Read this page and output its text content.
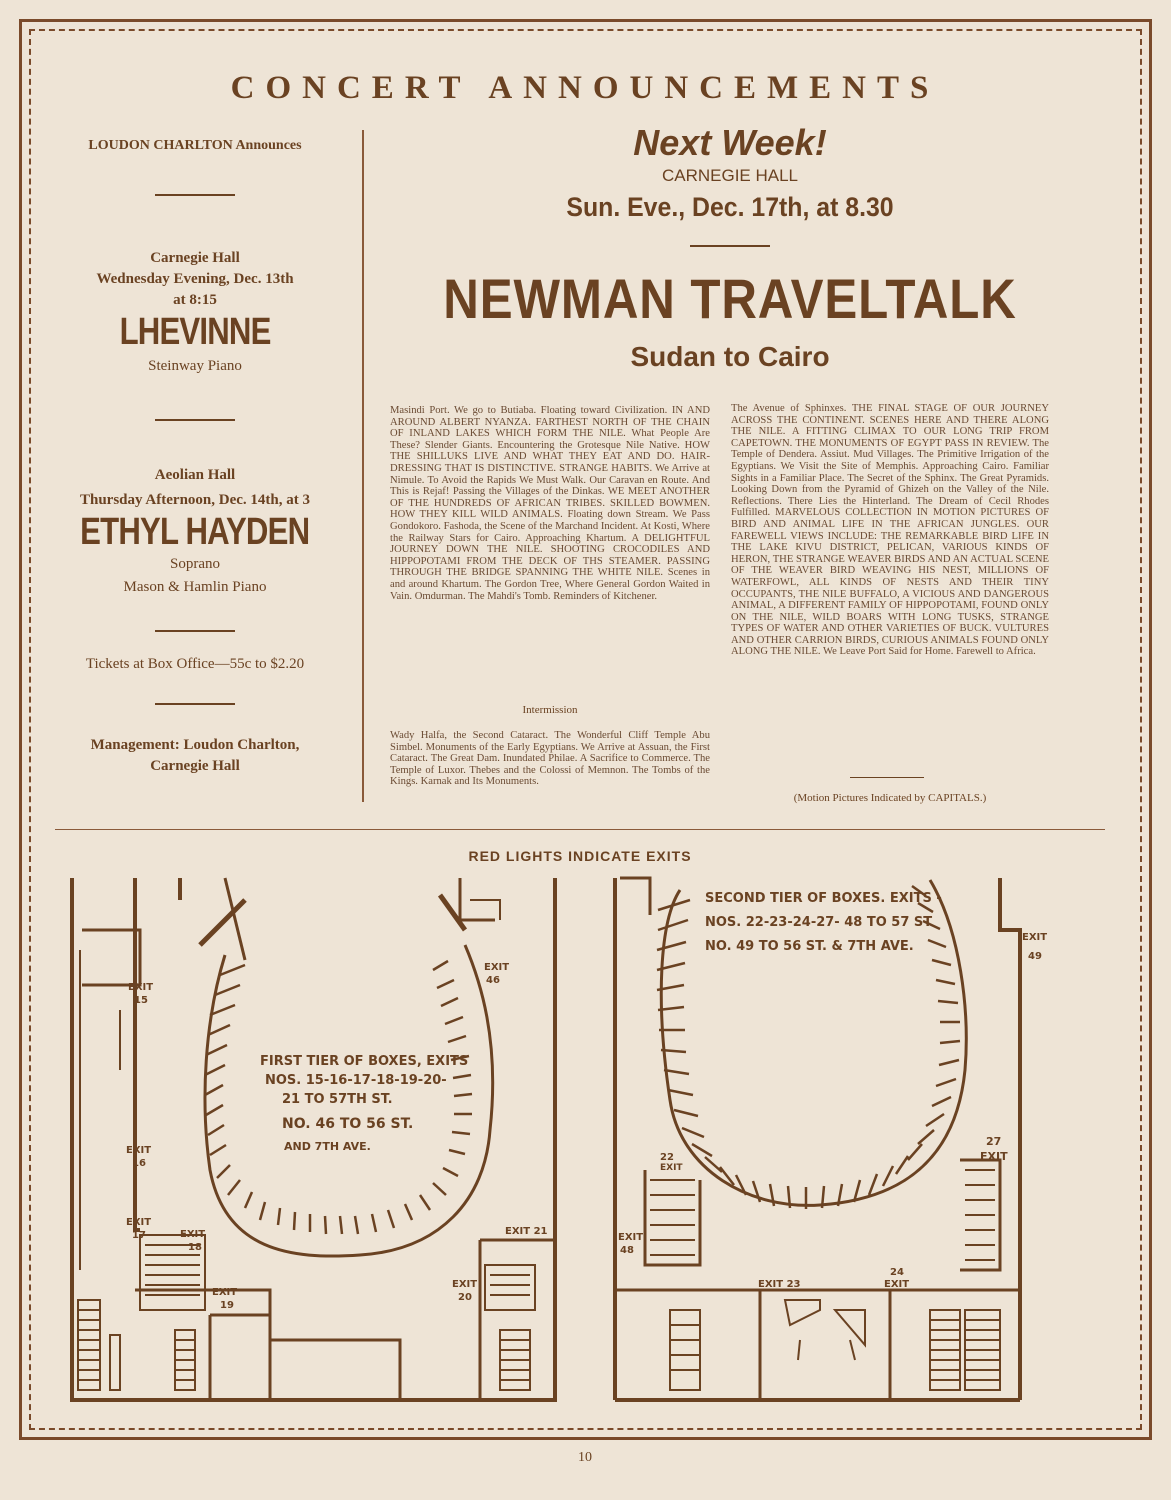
CONCERT ANNOUNCEMENTS
LOUDON CHARLTON Announces
Carnegie Hall
Wednesday Evening, Dec. 13th
at 8:15
LHEVINNE
Steinway Piano
Aeolian Hall
Thursday Afternoon, Dec. 14th, at 3
ETHYL HAYDEN
Soprano
Mason & Hamlin Piano
Tickets at Box Office—55c to $2.20
Management: Loudon Charlton,
Carnegie Hall
Next Week!
CARNEGIE HALL
Sun. Eve., Dec. 17th, at 8.30
NEWMAN TRAVELTALK
Sudan to Cairo
Masindi Port. We go to Butiaba. Floating toward Civilization. IN AND AROUND ALBERT NYANZA. FARTHEST NORTH OF THE CHAIN OF INLAND LAKES WHICH FORM THE NILE. What People Are These? Slender Giants. Encountering the Grotesque Nile Native. HOW THE SHILLUKS LIVE AND WHAT THEY EAT AND DO. HAIR-DRESSING THAT IS DISTINCTIVE. STRANGE HABITS. We Arrive at Nimule. To Avoid the Rapids We Must Walk. Our Caravan en Route. And This is Rejaf! Passing the Villages of the Dinkas. WE MEET ANOTHER OF THE HUNDREDS OF AFRICAN TRIBES. SKILLED BOWMEN. HOW THEY KILL WILD ANIMALS. Floating down Stream. We Pass Gondokoro. Fashoda, the Scene of the Marchand Incident. At Kosti, Where the Railway Stars for Cairo. Approaching Khartum. A DELIGHTFUL JOURNEY DOWN THE NILE. SHOOTING CROCODILES AND HIPPOPOTAMI FROM THE DECK OF THS STEAMER. PASSING THROUGH THE BRIDGE SPANNING THE WHITE NILE. Scenes in and around Khartum. The Gordon Tree, Where General Gordon Waited in Vain. Omdurman. The Mahdi's Tomb. Reminders of Kitchener.
Intermission
Wady Halfa, the Second Cataract. The Wonderful Cliff Temple Abu Simbel. Monuments of the Early Egyptians. We Arrive at Assuan, the First Cataract. The Great Dam. Inundated Philae. A Sacrifice to Commerce. The Temple of Luxor. Thebes and the Colossi of Memnon. The Tombs of the Kings. Karnak and Its Monuments.
The Avenue of Sphinxes. THE FINAL STAGE OF OUR JOURNEY ACROSS THE CONTINENT. SCENES HERE AND THERE ALONG THE NILE. A FITTING CLIMAX TO OUR LONG TRIP FROM CAPETOWN. THE MONUMENTS OF EGYPT PASS IN REVIEW. The Temple of Dendera. Assiut. Mud Villages. The Primitive Irrigation of the Egyptians. We Visit the Site of Memphis. Approaching Cairo. Familiar Sights in a Familiar Place. The Secret of the Sphinx. The Great Pyramids. Looking Down from the Pyramid of Ghizeh on the Valley of the Nile. Reflections. There Lies the Hinterland. The Dream of Cecil Rhodes Fulfilled. MARVELOUS COLLECTION IN MOTION PICTURES OF BIRD AND ANIMAL LIFE IN THE AFRICAN JUNGLES. OUR FAREWELL VIEWS INCLUDE: THE REMARKABLE BIRD LIFE IN THE LAKE KIVU DISTRICT, PELICAN, VARIOUS KINDS OF HERON, THE STRANGE WEAVER BIRDS AND AN ACTUAL SCENE OF THE WEAVER BIRD WEAVING HIS NEST, MILLIONS OF WATERFOWL, ALL KINDS OF NESTS AND THEIR TINY OCCUPANTS, THE NILE BUFFALO, A VICIOUS AND DANGEROUS ANIMAL, A DIFFERENT FAMILY OF HIPPOPOTAMI, FOUND ONLY ON THE NILE, WILD BOARS WITH LONG TUSKS, STRANGE TYPES OF WATER AND OTHER VARIETIES OF BUCK. VULTURES AND OTHER CARRION BIRDS, CURIOUS ANIMALS FOUND ONLY ALONG THE NILE. We Leave Port Said for Home. Farewell to Africa.
(Motion Pictures Indicated by CAPITALS.)
RED LIGHTS INDICATE EXITS
FIRST TIER OF BOXES, EXITS
NOS. 15-16-17-18-19-20-
21 TO 57TH ST.
NO. 46 TO 56 ST.
AND 7TH AVE.
EXIT
15
EXIT
16
EXIT
17	EXIT
18
EXIT
19
EXIT
20
EXIT 21
EXIT
46
SECOND TIER OF BOXES. EXITS -
NOS. 22-23-24-27- 48 TO 57 ST
NO. 49 TO 56 ST. & 7TH AVE.
EXIT
49
27
EXIT
22
EXIT
EXIT
48
EXIT 23
24
EXIT
10
